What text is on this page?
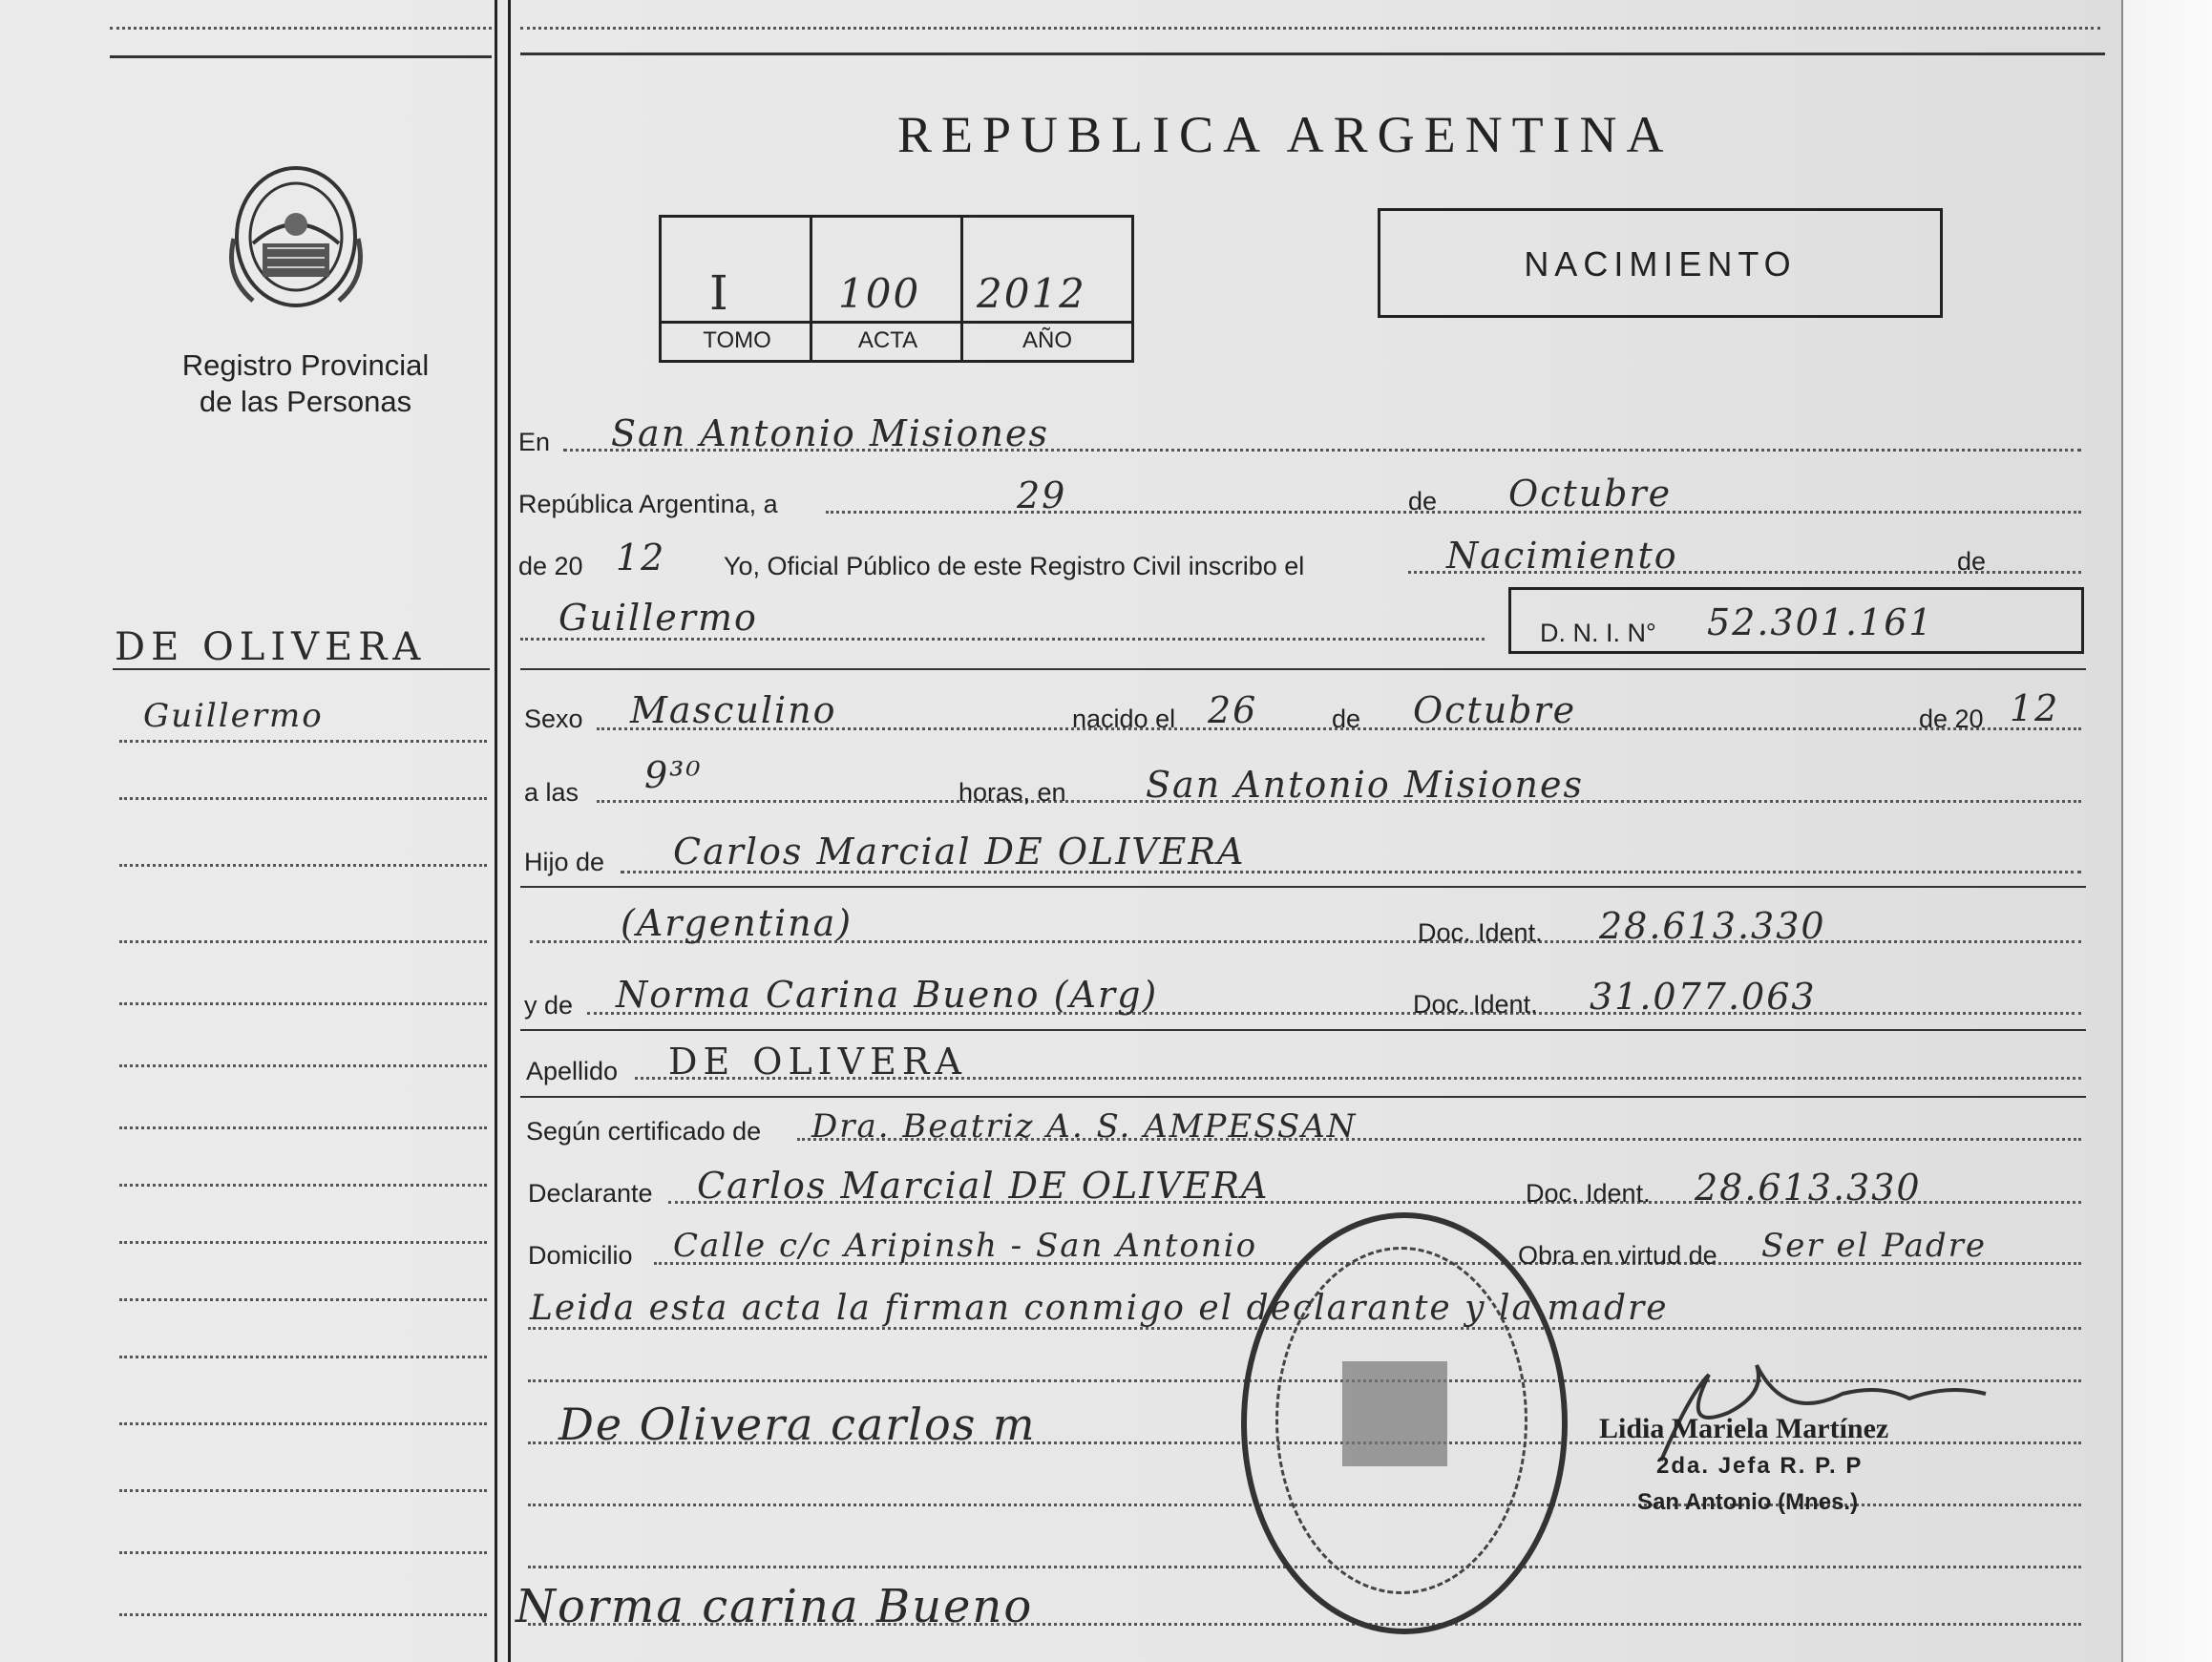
Registro Provincial
de las Personas
DE OLIVERA
Guillermo
REPUBLICA ARGENTINA
I	100 2012
TOMO	ACTA	AÑO
NACIMIENTO
En San Antonio Misiones
República Argentina, a	29	de Octubre
de 20 12 Yo, Oficial Público de este Registro Civil inscribo el	Nacimiento	de
Guillermo	D. N. I. N° 52.301.161
Sexo Masculino	nacido el 26	de Octubre	de 20 12
a las 9³⁰	horas, en San Antonio Misiones
Hijo de Carlos Marcial DE OLIVERA
(Argentina)	Doc. Ident. 28.613.330
y de Norma Carina Bueno (Arg)	Doc. Ident. 31.077.063
Apellido DE OLIVERA
Según certificado de Dra. Beatriz A. S. AMPESSAN
Declarante Carlos Marcial DE OLIVERA	Doc. Ident. 28.613.330
Domicilio Calle c/c Aripinsh - San Antonio	Obra en virtud de Ser el Padre
Leida esta acta la firman conmigo el declarante y la madre
De Olivera carlos m
Norma carina Bueno
Lidia Mariela Martínez
2da. Jefa R. P. P
San Antonio (Mnes.)
